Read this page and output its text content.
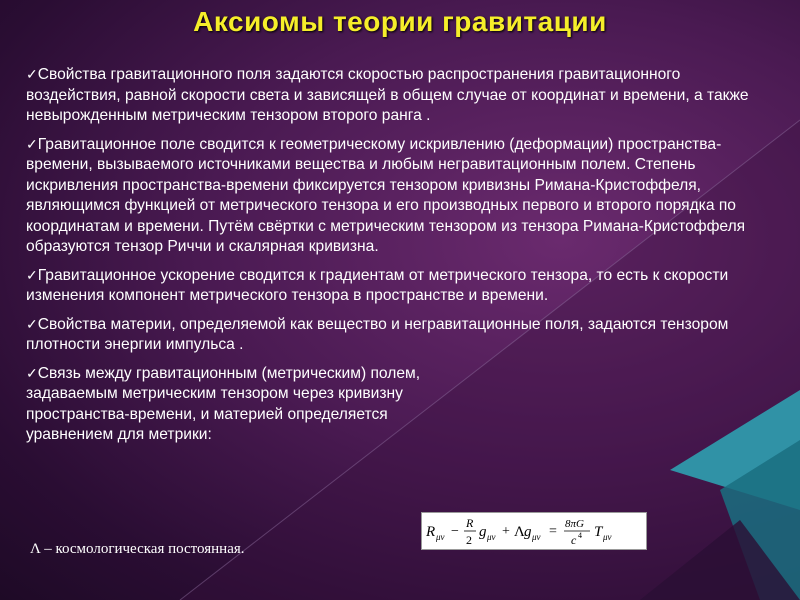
Аксиомы теории гравитации

✓Свойства гравитационного поля задаются скоростью распространения гравитационного воздействия, равной скорости света и зависящей в общем случае от координат и времени, а также невырожденным метрическим тензором второго ранга .

✓Гравитационное поле сводится к геометрическому искривлению (деформации) пространства-времени, вызываемого источниками вещества и любым негравитационным полем. Степень искривления пространства-времени фиксируется тензором кривизны Римана-Кристоффеля, являющимся функцией от метрического тензора и его производных первого и второго порядка по координатам и времени. Путём свёртки с метрическим тензором из тензора Римана-Кристоффеля образуются тензор Риччи и скалярная кривизна.

✓Гравитационное ускорение сводится к градиентам от метрического тензора, то есть к скорости изменения компонент метрического тензора в пространстве и времени.

✓Свойства материи, определяемой как вещество и негравитационные поля, задаются тензором плотности энергии импульса .

✓Связь между гравитационным (метрическим) полем, задаваемым метрическим тензором через кривизну пространства-времени, и материей определяется уравнением для метрики:

R μν −
R
2 g μν + Λ g μν = 8πG
c 4 T μν
Λ – космологическая постоянная.
